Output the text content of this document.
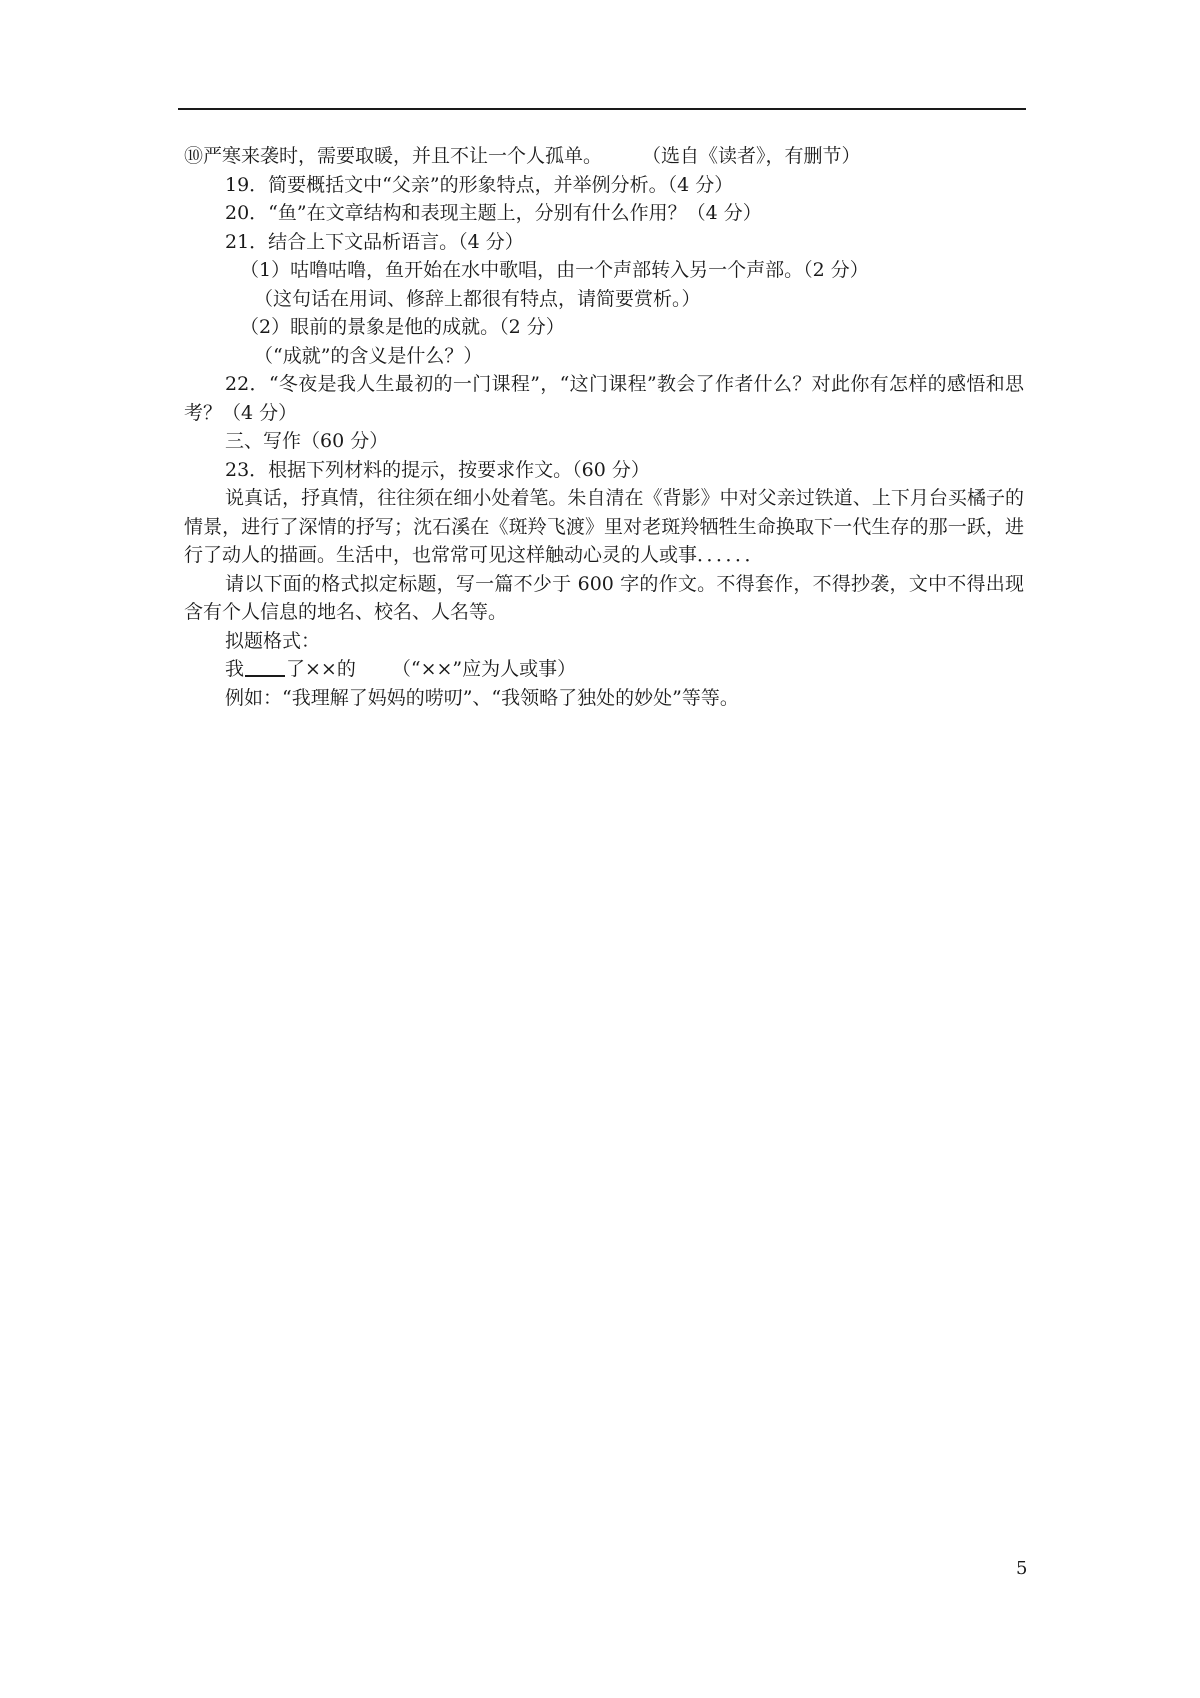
⑩严寒来袭时，需要取暖，并且不让一个人孤单。 （选自《读者》，有删节）
19．简要概括文中“父亲”的形象特点，并举例分析。（4 分）
20．“鱼”在文章结构和表现主题上，分别有什么作用？（4 分）
21．结合上下文品析语言。（4 分）
（1）咕噜咕噜，鱼开始在水中歌唱，由一个声部转入另一个声部。（2 分）
（这句话在用词、修辞上都很有特点，请简要赏析。）
（2）眼前的景象是他的成就。（2 分）
（“成就”的含义是什么？）
22．“冬夜是我人生最初的一门课程”，“这门课程”教会了作者什么？对此你有怎样的感悟和思考？（4 分）
三、写作（60 分）
23．根据下列材料的提示，按要求作文。（60 分）
说真话，抒真情，往往须在细小处着笔。朱自清在《背影》中对父亲过铁道、上下月台买橘子的情景，进行了深情的抒写；沈石溪在《斑羚飞渡》里对老斑羚牺牲生命换取下一代生存的那一跃，进行了动人的描画。生活中，也常常可见这样触动心灵的人或事．．．．．．
请以下面的格式拟定标题，写一篇不少于 600 字的作文。不得套作，不得抄袭，文中不得出现含有个人信息的地名、校名、人名等。
拟题格式：
我 了××的 （“××”应为人或事）
例如：“我理解了妈妈的唠叨”、“我领略了独处的妙处”等等。
5
